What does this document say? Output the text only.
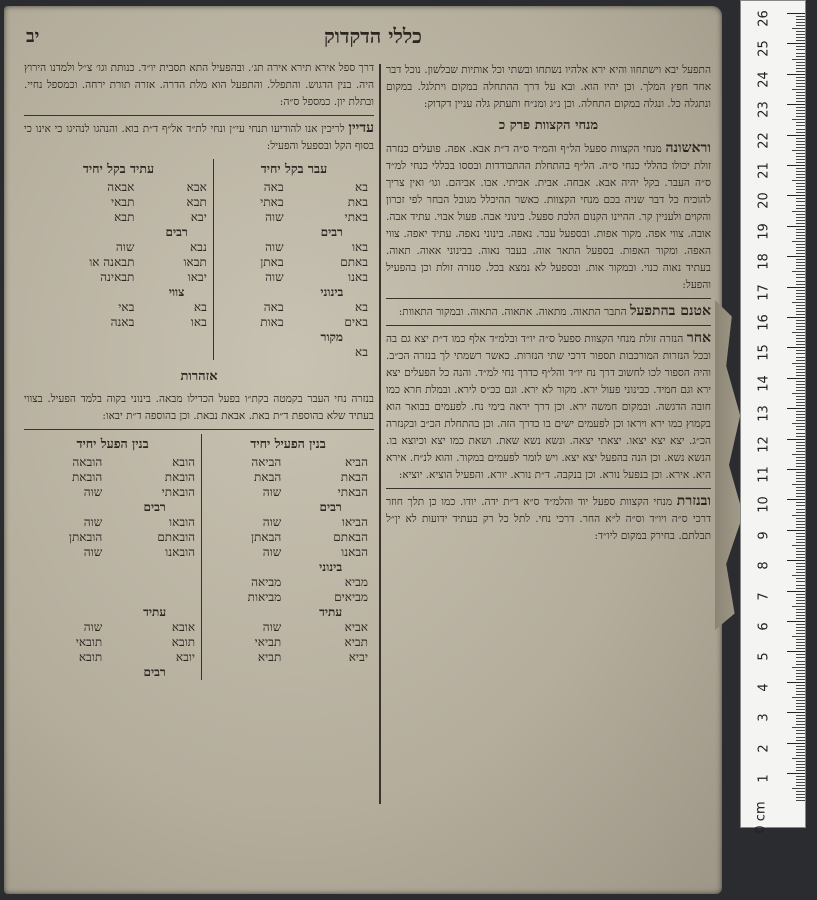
כללי הדקדוק
יב

התפעל יבא וישתחוו והיא ירא אלהיו נשתחו ובשתי וכל אותיות שבלשון. נוכל דבר אחד חפץ המלך. וכן יהיו הוא. ובא על דרך ההתחלה במקום ויתלגל. במקום ונתגלה כל. ונגלה במקום התחלה. וכן נ״ג ומנ״ח ותעתק גלה עניין דקדוק:

מנחי הקצוות פרק כ

וראשונה מנחי הקצוות ספעל הל״ף והמ״ד ס״ה ד״ת אבא. אפה. פועלים כנזרה זולת יכולו כהללי כנחי ס״ה. הל״ף בהתחלת ההתבודדות ובססו בכללי כנחי למ״ד ס״ה העבר. בקל יהיה אבא. אבחה. אבית. אביתי. אבו. אביהם. וגו׳ ואין צריך להוכיח כל דבר שניה בכם מנחי הקצוות. כאשר ההיכלל מגובל הבחר לפי זכרון והקוים ולעניין קר. ההיינו הקנום הלכת ספעל. בינוני אבה. פעול אבוי. עתיד אבה. אובה. צווי אפה. מקור אפות. ובספעל עבר. נאפה. בינוני נאפה. עתיד יאפה. צווי האפה. ומקור האפות. בספעל התאר אוה. בעבר נאוה. בבינוני אאוה. תאוה. בעתיד נאוה כנוי. ובמקור אות. ובספעל לא נמצא בכל. סנזרה זולת וכן בהפעיל והפעל:

אטנם בהתפעל התבר התאוה. מתאוה. אתאוה. התאוה. ובמקור התאוות:

אחר הנזרה זולת מנחי הקצוות ספעל ס״ה יו״ד ובלמ״ד אלף כמו ד״ת יצא גם בה ובכל הנזרות המורכבות תספור דרכי שתי הנזרות. כאשר רשמתי לך בנזרה הכ״ב. והיה הספור לכו לחשוב דרך נח יו״ד והל״ף כדרך נחי למ״ד. והנה כל הפעלים יצא ירא וגם חמיד. כבינוני פעול ירא. מקור לא ירא. וגם ככ״ס לירא. ובמלת חרא כמו חובה הדגשה. ובמקום חמשה ירא. וכן דרך יראה בימי נח. לפעמים בבואר הוא בקמוץ כמו ירא ויראו וכן לפעמים ישים בו כדרך הזה. וכן בהתחלת הכ״ב ובקנזרה הכ״ג. יצא יצא יצאו. יצאתי יצאה. ונשא נשא שאת. ושאת כמו יצא וכיוצא בו. הנשא נשא. וכן הנה בהפעל יצא יצא. ויש לומר לפעמים במקור. והוא לנ״ח. אירא היא. אירא. וכן בנפעל נורא. וכן בנקבה. ד״ת נורא. יורא. והפעיל הוציא. יוציא:

ובנזרת מנחי הקצוות ספעל יוד והלמ״ד ס״א ד״ת ידה. יודו. כמו כן תלך חוזר דרכי ס״ה ויו״ד וס״ה ל״א החר. דרכי נחי. לתל כל רק בעתיד ידועות לא ין״ל תבלתם. בחירק במקום ליו״ד:

דרך ספל אירא תירא אירה תג׳. ובהפעיל התא תסבית יו״ד. כנותת וגו׳ צ״ל ולמדנו הירוץ היה. בנין הדגוש. והתפלל. והתפעל הוא מלת הדרה. אזרה תורת ירחה. וכמספל נחיי. ובתלת יון. כמספל ס״ה:

עדיין לריכין אנו להודיעו תנחי עי״ן ונחי לת״ד אל״ף ד״ת בוא. והנהגו לנהיגו כי אינו כי בסוף הקל ובספעל והפעיל:

עבר בקל יחיד		עתיד בקל יחיד	
בא	באה	אבא	אבאה
באת	באתי	תבא	תבאי
באתי	שוה	יבא	תבא
רבים		רבים	
באו	שוה	נבא	שוה
באתם	באתן	תבאו	תבאנה או
באנו	שוה	יבאו	תבאינה
בינוני		צווי	
בא	באה	בא	באי
באים	באות	באו	באנה
מקור			
בא			
אזהרות

בנזרה נחי העבר בקמטה בקת״ו בפעל הכדילו מבאה. בינוני בקוה בלמד הפעיל. בצווי בעתיד שלא בהוספת ד״ת באת. אבאת נבאת. וכן בהוספה ד״ת יבאו:

בנין הפעיל יחיד		בנין הפעל יחיד	
הביא	הביאה	הובא	הובאה
הבאת	הבאת	הובאת	הובאת
הבאתי	שוה	הובאתי	שוה
רבים		רבים	
הביאו	שוה	הובאו	שוה
הבאתם	הבאתן	הובאתם	הובאתן
הבאנו	שוה	הובאנו	שוה
בינוני			
מביא	מביאה		
מביאים	מביאות		
עתיד		עתיד	
אביא	שוה	אובא	שוה
תביא	תביאי	תובא	תובאי
יביא	תביא	יובא	תובא
		רבים	
0 cm
26
25
24
23
22
21
20
19
18
17
16
15
14
13
12
11
10
9
8
7
6
5
4
3
2
1
